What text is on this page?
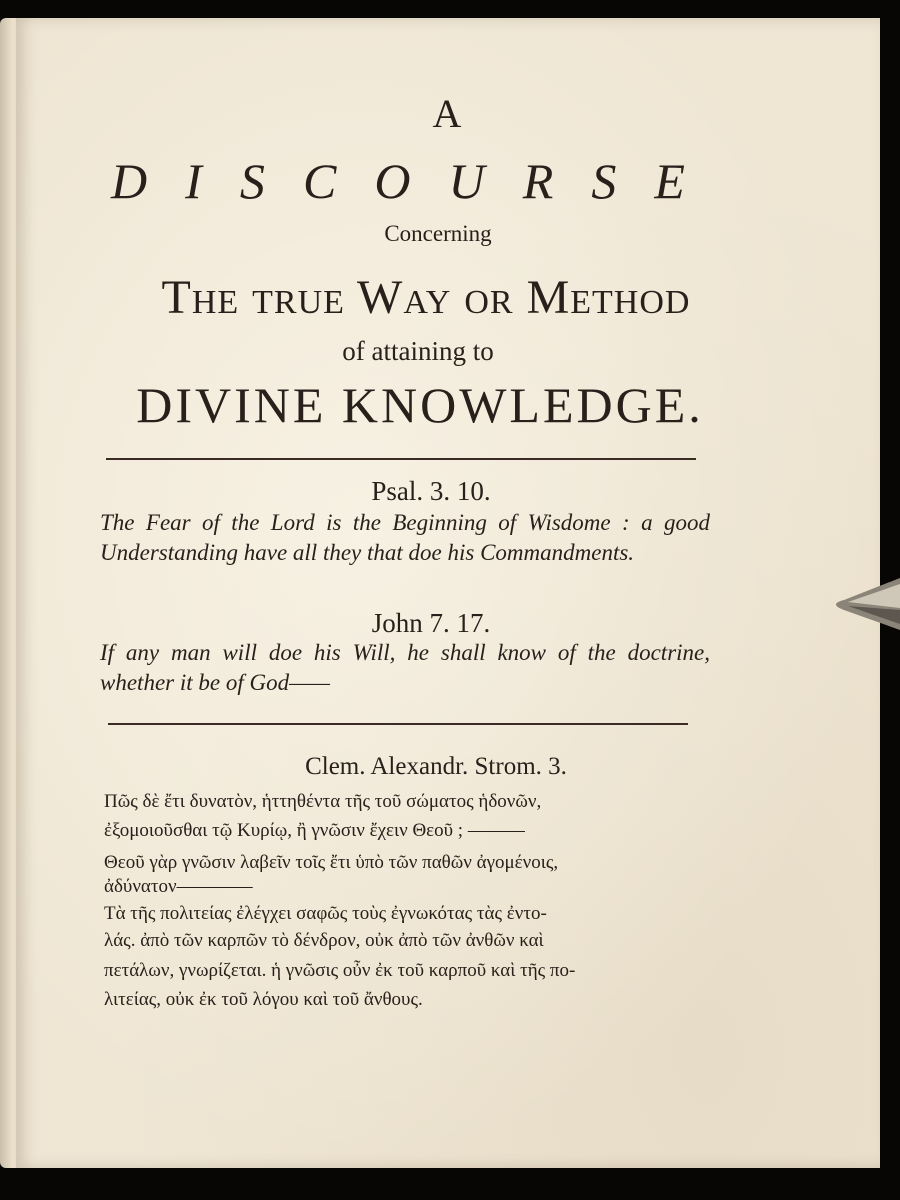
A
D I S C O U R S E
Concerning
The true Way or Method
of attaining to
DIVINE KNOWLEDGE.
Psal. 3. 10.
The Fear of the Lord is the Beginning of Wisdome : a good Understanding have all they that doe his Commandments.
John 7. 17.
If any man will doe his Will, he shall know of the doctrine, whether it be of God——
Clem. Alexandr. Strom. 3.
Πῶς δὲ ἔτι δυνατὸν, ἡττηθέντα τῆς τοῦ σώματος ἡδονῶν,
ἐξομοιοῦσθαι τῷ Κυρίῳ, ἢ γνῶσιν ἔχειν Θεοῦ ; ———
Θεοῦ γὰρ γνῶσιν λαβεῖν τοῖς ἔτι ὑπὸ τῶν παθῶν ἀγομένοις,
ἀδύνατον————
Τὰ τῆς πολιτείας ἐλέγχει σαφῶς τοὺς ἐγνωκότας τὰς ἐντο-
λάς. ἀπὸ τῶν καρπῶν τὸ δένδρον, οὐκ ἀπὸ τῶν ἀνθῶν καὶ
πετάλων, γνωρίζεται. ἡ γνῶσις οὖν ἐκ τοῦ καρποῦ καὶ τῆς πο-
λιτείας, οὐκ ἐκ τοῦ λόγου καὶ τοῦ ἄνθους.
